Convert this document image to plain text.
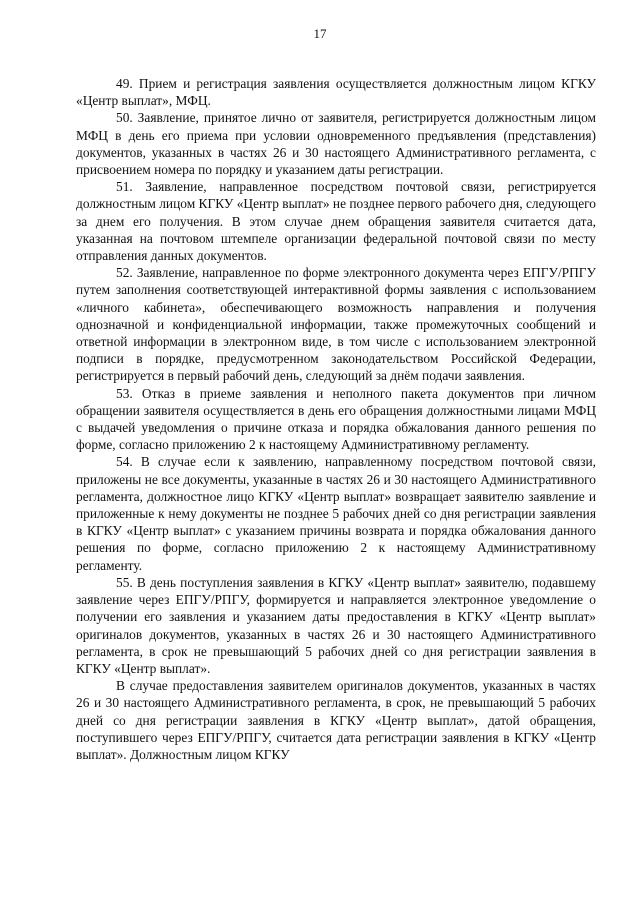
17

49. Прием и регистрация заявления осуществляется должностным лицом КГКУ «Центр выплат», МФЦ.

50. Заявление, принятое лично от заявителя, регистрируется должностным лицом МФЦ в день его приема при условии одновременного предъявления (представления) документов, указанных в частях 26 и 30 настоящего Административного регламента, с присвоением номера по порядку и указанием даты регистрации.

51. Заявление, направленное посредством почтовой связи, регистрируется должностным лицом КГКУ «Центр выплат» не позднее первого рабочего дня, следующего за днем его получения. В этом случае днем обращения заявителя считается дата, указанная на почтовом штемпеле организации федеральной почтовой связи по месту отправления данных документов.

52. Заявление, направленное по форме электронного документа через ЕПГУ/РПГУ путем заполнения соответствующей интерактивной формы заявления с использованием «личного кабинета», обеспечивающего возможность направления и получения однозначной и конфиденциальной информации, также промежуточных сообщений и ответной информации в электронном виде, в том числе с использованием электронной подписи в порядке, предусмотренном законодательством Российской Федерации, регистрируется в первый рабочий день, следующий за днём подачи заявления.

53. Отказ в приеме заявления и неполного пакета документов при личном обращении заявителя осуществляется в день его обращения должностными лицами МФЦ с выдачей уведомления о причине отказа и порядка обжалования данного решения по форме, согласно приложению 2 к настоящему Административному регламенту.

54. В случае если к заявлению, направленному посредством почтовой связи, приложены не все документы, указанные в частях 26 и 30 настоящего Административного регламента, должностное лицо КГКУ «Центр выплат» возвращает заявителю заявление и приложенные к нему документы не позднее 5 рабочих дней со дня регистрации заявления в КГКУ «Центр выплат» с указанием причины возврата и порядка обжалования данного решения по форме, согласно приложению 2 к настоящему Административному регламенту.

55. В день поступления заявления в КГКУ «Центр выплат» заявителю, подавшему заявление через ЕПГУ/РПГУ, формируется и направляется электронное уведомление о получении его заявления и указанием даты предоставления в КГКУ «Центр выплат» оригиналов документов, указанных в частях 26 и 30 настоящего Административного регламента, в срок не превышающий 5 рабочих дней со дня регистрации заявления в КГКУ «Центр выплат».

В случае предоставления заявителем оригиналов документов, указанных в частях 26 и 30 настоящего Административного регламента, в срок, не превышающий 5 рабочих дней со дня регистрации заявления в КГКУ «Центр выплат», датой обращения, поступившего через ЕПГУ/РПГУ, считается дата регистрации заявления в КГКУ «Центр выплат». Должностным лицом КГКУ
